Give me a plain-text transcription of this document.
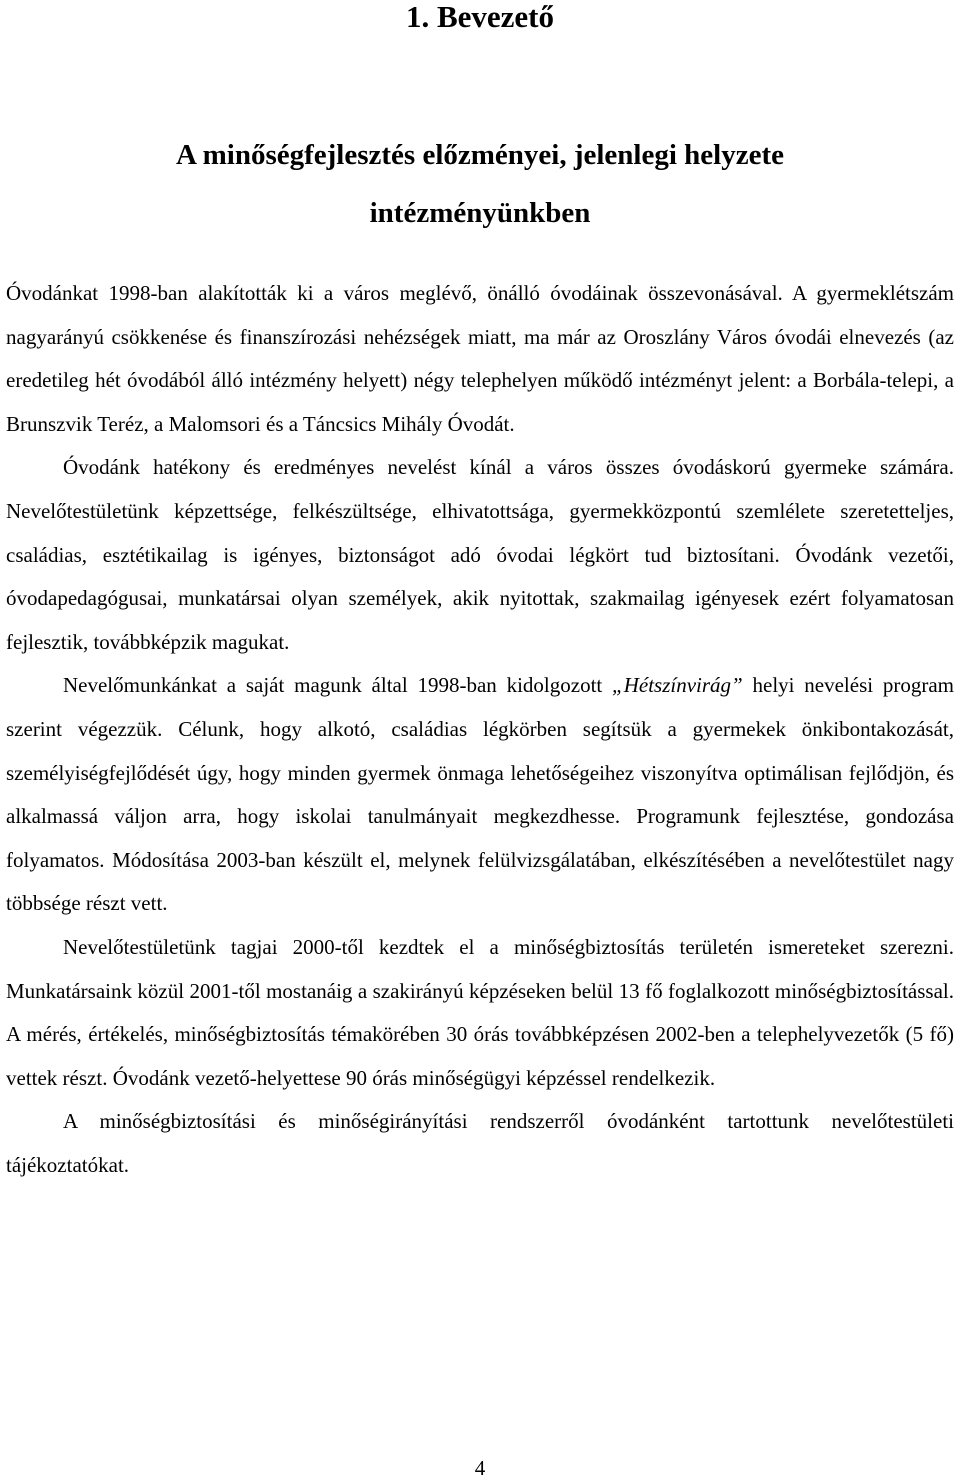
1. Bevezető
A minőségfejlesztés előzményei, jelenlegi helyzete
intézményünkben

Óvodánkat 1998-ban alakították ki a város meglévő, önálló óvodáinak összevonásával. A gyermeklétszám nagyarányú csökkenése és finanszírozási nehézségek miatt, ma már az Oroszlány Város óvodái elnevezés (az eredetileg hét óvodából álló intézmény helyett) négy telephelyen működő intézményt jelent: a Borbála-telepi, a Brunszvik Teréz, a Malomsori és a Táncsics Mihály Óvodát.

Óvodánk hatékony és eredményes nevelést kínál a város összes óvodáskorú gyermeke számára. Nevelőtestületünk képzettsége, felkészültsége, elhivatottsága, gyermekközpontú szemlélete szeretetteljes, családias, esztétikailag is igényes, biztonságot adó óvodai légkört tud biztosítani. Óvodánk vezetői, óvodapedagógusai, munkatársai olyan személyek, akik nyitottak, szakmailag igényesek ezért folyamatosan fejlesztik, továbbképzik magukat.

Nevelőmunkánkat a saját magunk által 1998-ban kidolgozott „Hétszínvirág” helyi nevelési program szerint végezzük. Célunk, hogy alkotó, családias légkörben segítsük a gyermekek önkibontakozását, személyiségfejlődését úgy, hogy minden gyermek önmaga lehetőségeihez viszonyítva optimálisan fejlődjön, és alkalmassá váljon arra, hogy iskolai tanulmányait megkezdhesse. Programunk fejlesztése, gondozása folyamatos. Módosítása 2003-ban készült el, melynek felülvizsgálatában, elkészítésében a nevelőtestület nagy többsége részt vett.

Nevelőtestületünk tagjai 2000-től kezdtek el a minőségbiztosítás területén ismereteket szerezni. Munkatársaink közül 2001-től mostanáig a szakirányú képzéseken belül 13 fő foglalkozott minőségbiztosítással. A mérés, értékelés, minőségbiztosítás témakörében 30 órás továbbképzésen 2002-ben a telephelyvezetők (5 fő) vettek részt. Óvodánk vezető-helyettese 90 órás minőségügyi képzéssel rendelkezik.

A minőségbiztosítási és minőségirányítási rendszerről óvodánként tartottunk nevelőtestületi tájékoztatókat.

4
